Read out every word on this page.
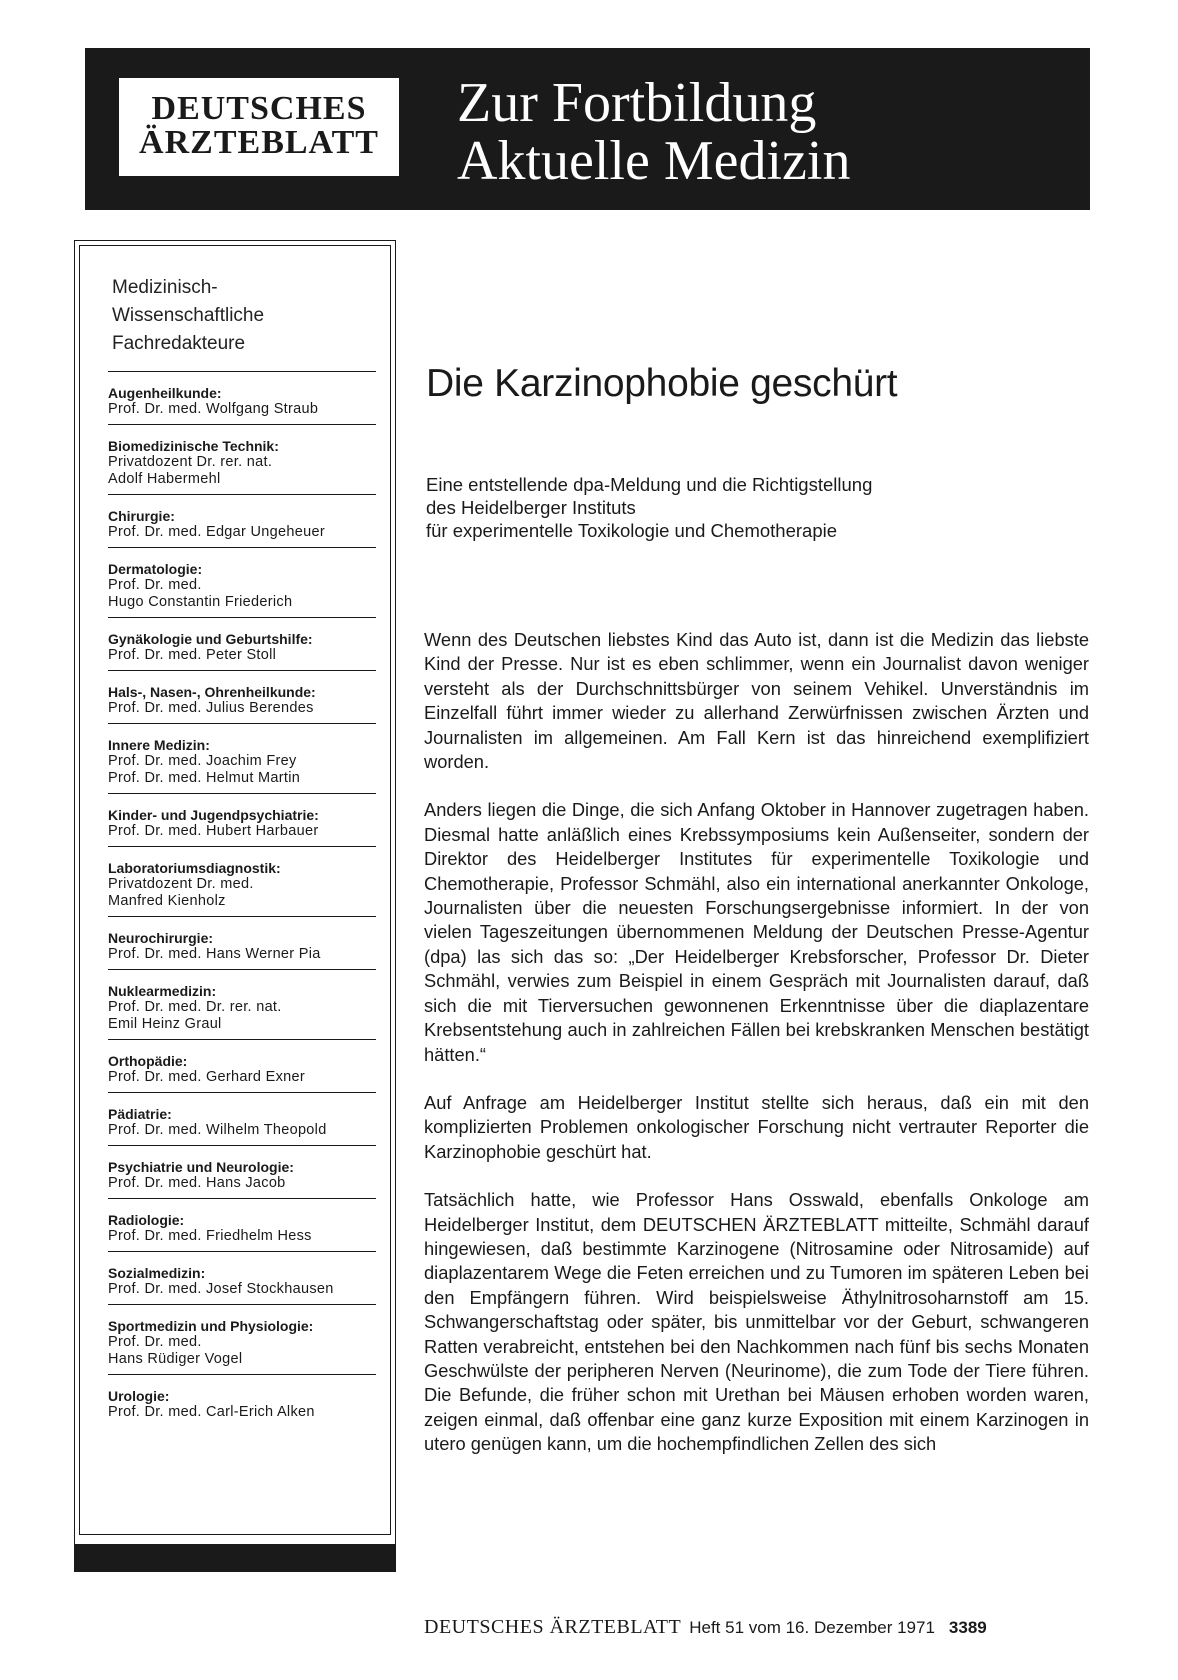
DEUTSCHES
ÄRZTEBLATT
Zur Fortbildung
Aktuelle Medizin
Medizinisch-
Wissenschaftliche
Fachredakteure
Augenheilkunde:
Prof. Dr. med. Wolfgang Straub
Biomedizinische Technik:
Privatdozent Dr. rer. nat.
Adolf Habermehl
Chirurgie:
Prof. Dr. med. Edgar Ungeheuer
Dermatologie:
Prof. Dr. med.
Hugo Constantin Friederich
Gynäkologie und Geburtshilfe:
Prof. Dr. med. Peter Stoll
Hals-, Nasen-, Ohrenheilkunde:
Prof. Dr. med. Julius Berendes
Innere Medizin:
Prof. Dr. med. Joachim Frey
Prof. Dr. med. Helmut Martin
Kinder- und Jugendpsychiatrie:
Prof. Dr. med. Hubert Harbauer
Laboratoriumsdiagnostik:
Privatdozent Dr. med.
Manfred Kienholz
Neurochirurgie:
Prof. Dr. med. Hans Werner Pia
Nuklearmedizin:
Prof. Dr. med. Dr. rer. nat.
Emil Heinz Graul
Orthopädie:
Prof. Dr. med. Gerhard Exner
Pädiatrie:
Prof. Dr. med. Wilhelm Theopold
Psychiatrie und Neurologie:
Prof. Dr. med. Hans Jacob
Radiologie:
Prof. Dr. med. Friedhelm Hess
Sozialmedizin:
Prof. Dr. med. Josef Stockhausen
Sportmedizin und Physiologie:
Prof. Dr. med.
Hans Rüdiger Vogel
Urologie:
Prof. Dr. med. Carl-Erich Alken
Die Karzinophobie geschürt
Eine entstellende dpa-Meldung und die Richtigstellung
des Heidelberger Instituts
für experimentelle Toxikologie und Chemotherapie

Wenn des Deutschen liebstes Kind das Auto ist, dann ist die Medizin das liebste Kind der Presse. Nur ist es eben schlimmer, wenn ein Journalist davon weniger versteht als der Durchschnittsbürger von seinem Vehikel. Unverständnis im Einzelfall führt immer wieder zu allerhand Zerwürfnissen zwischen Ärzten und Journalisten im allgemeinen. Am Fall Kern ist das hinreichend exemplifiziert worden.

Anders liegen die Dinge, die sich Anfang Oktober in Hannover zugetragen haben. Diesmal hatte anläßlich eines Krebssymposiums kein Außenseiter, sondern der Direktor des Heidelberger Institutes für experimentelle Toxikologie und Chemotherapie, Professor Schmähl, also ein international anerkannter Onkologe, Journalisten über die neuesten Forschungsergebnisse informiert. In der von vielen Tageszeitungen übernommenen Meldung der Deutschen Presse-Agentur (dpa) las sich das so: „Der Heidelberger Krebsforscher, Professor Dr. Dieter Schmähl, verwies zum Beispiel in einem Gespräch mit Journalisten darauf, daß sich die mit Tierversuchen gewonnenen Erkenntnisse über die diaplazentare Krebsentstehung auch in zahlreichen Fällen bei krebskranken Menschen bestätigt hätten.“

Auf Anfrage am Heidelberger Institut stellte sich heraus, daß ein mit den komplizierten Problemen onkologischer Forschung nicht vertrauter Reporter die Karzinophobie geschürt hat.

Tatsächlich hatte, wie Professor Hans Osswald, ebenfalls Onkologe am Heidelberger Institut, dem DEUTSCHEN ÄRZTEBLATT mitteilte, Schmähl darauf hingewiesen, daß bestimmte Karzinogene (Nitrosamine oder Nitrosamide) auf diaplazentarem Wege die Feten erreichen und zu Tumoren im späteren Leben bei den Empfängern führen. Wird beispielsweise Äthylnitrosoharnstoff am 15. Schwangerschaftstag oder später, bis unmittelbar vor der Geburt, schwangeren Ratten verabreicht, entstehen bei den Nachkommen nach fünf bis sechs Monaten Geschwülste der peripheren Nerven (Neurinome), die zum Tode der Tiere führen. Die Befunde, die früher schon mit Urethan bei Mäusen erhoben worden waren, zeigen einmal, daß offenbar eine ganz kurze Exposition mit einem Karzinogen in utero genügen kann, um die hochempfindlichen Zellen des sich

DEUTSCHES ÄRZTEBLATT Heft 51 vom 16. Dezember 1971 3389
